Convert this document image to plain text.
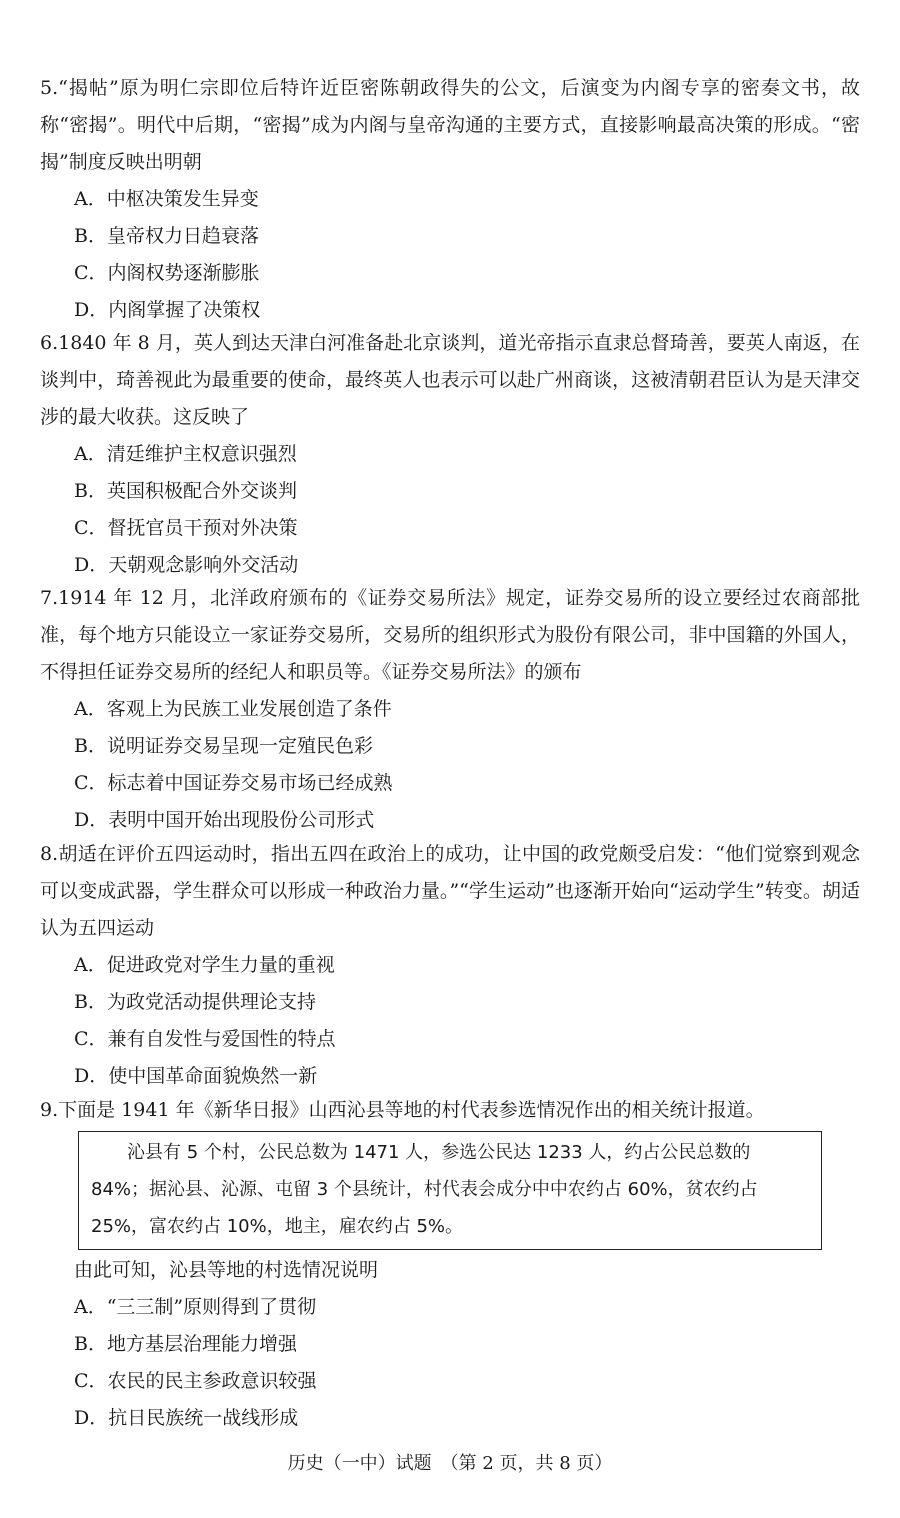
5.“揭帖”原为明仁宗即位后特许近臣密陈朝政得失的公文，后演变为内阁专享的密奏文书，故称“密揭”。明代中后期，“密揭”成为内阁与皇帝沟通的主要方式，直接影响最高决策的形成。“密揭”制度反映出明朝

A．中枢决策发生异变

B．皇帝权力日趋衰落

C．内阁权势逐渐膨胀

D．内阁掌握了决策权

6.1840 年 8 月，英人到达天津白河准备赴北京谈判，道光帝指示直隶总督琦善，要英人南返，在谈判中，琦善视此为最重要的使命，最终英人也表示可以赴广州商谈，这被清朝君臣认为是天津交涉的最大收获。这反映了

A．清廷维护主权意识强烈

B．英国积极配合外交谈判

C．督抚官员干预对外决策

D．天朝观念影响外交活动

7.1914 年 12 月，北洋政府颁布的《证券交易所法》规定，证券交易所的设立要经过农商部批准，每个地方只能设立一家证券交易所，交易所的组织形式为股份有限公司，非中国籍的外国人，不得担任证券交易所的经纪人和职员等。《证券交易所法》的颁布

A．客观上为民族工业发展创造了条件

B．说明证券交易呈现一定殖民色彩

C．标志着中国证券交易市场已经成熟

D．表明中国开始出现股份公司形式

8.胡适在评价五四运动时，指出五四在政治上的成功，让中国的政党颇受启发：“他们觉察到观念可以变成武器，学生群众可以形成一种政治力量。”“学生运动”也逐渐开始向“运动学生”转变。胡适认为五四运动

A．促进政党对学生力量的重视

B．为政党活动提供理论支持

C．兼有自发性与爱国性的特点

D．使中国革命面貌焕然一新

9.下面是 1941 年《新华日报》山西沁县等地的村代表参选情况作出的相关统计报道。

沁县有 5 个村，公民总数为 1471 人，参选公民达 1233 人，约占公民总数的 84%；据沁县、沁源、屯留 3 个县统计，村代表会成分中中农约占 60%，贫农约占 25%，富农约占 10%，地主，雇农约占 5%。

由此可知，沁县等地的村选情况说明

A．“三三制”原则得到了贯彻

B．地方基层治理能力增强

C．农民的民主参政意识较强

D．抗日民族统一战线形成

历史（一中）试题　（第 2 页，共 8 页）
